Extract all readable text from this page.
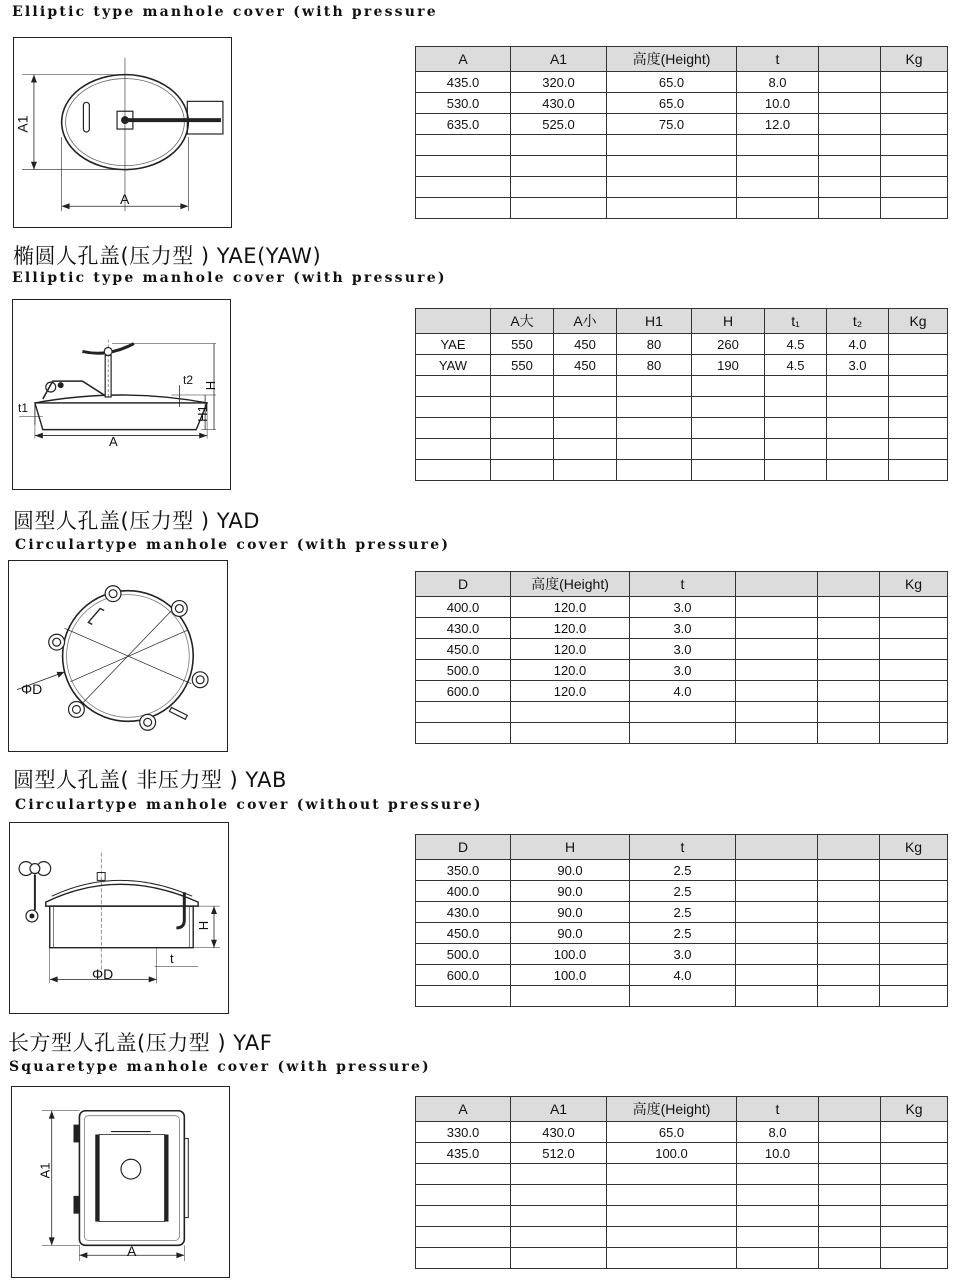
Elliptic type manhole cover (with pressure
A
A1
A	A1	高度(Height)	t		Kg
435.0	320.0	65.0	8.0		
530.0	430.0	65.0	10.0		
635.0	525.0	75.0	12.0		

椭圆人孔盖(压力型 ) YAE(YAW)
Elliptic type manhole cover (with pressure)
A
H
H1
t1
t2
	A大	A小	H1	H	t₁	t₂	Kg
YAE	550	450	80	260	4.5	4.0	
YAW	550	450	80	190	4.5	3.0	

圆型人孔盖(压力型 ) YAD
Circulartype manhole cover (with pressure)
ΦD
D	高度(Height)	t			Kg
400.0	120.0	3.0			
430.0	120.0	3.0			
450.0	120.0	3.0			
500.0	120.0	3.0			
600.0	120.0	4.0			

圆型人孔盖( 非压力型 ) YAB
Circulartype manhole cover (without pressure)
ΦD
H
t
D	H	t			Kg
350.0	90.0	2.5			
400.0	90.0	2.5			
430.0	90.0	2.5			
450.0	90.0	2.5			
500.0	100.0	3.0			
600.0	100.0	4.0			

长方型人孔盖(压力型 ) YAF
Squaretype manhole cover (with pressure)
A
A1
A	A1	高度(Height)	t		Kg
330.0	430.0	65.0	8.0		
435.0	512.0	100.0	10.0		
